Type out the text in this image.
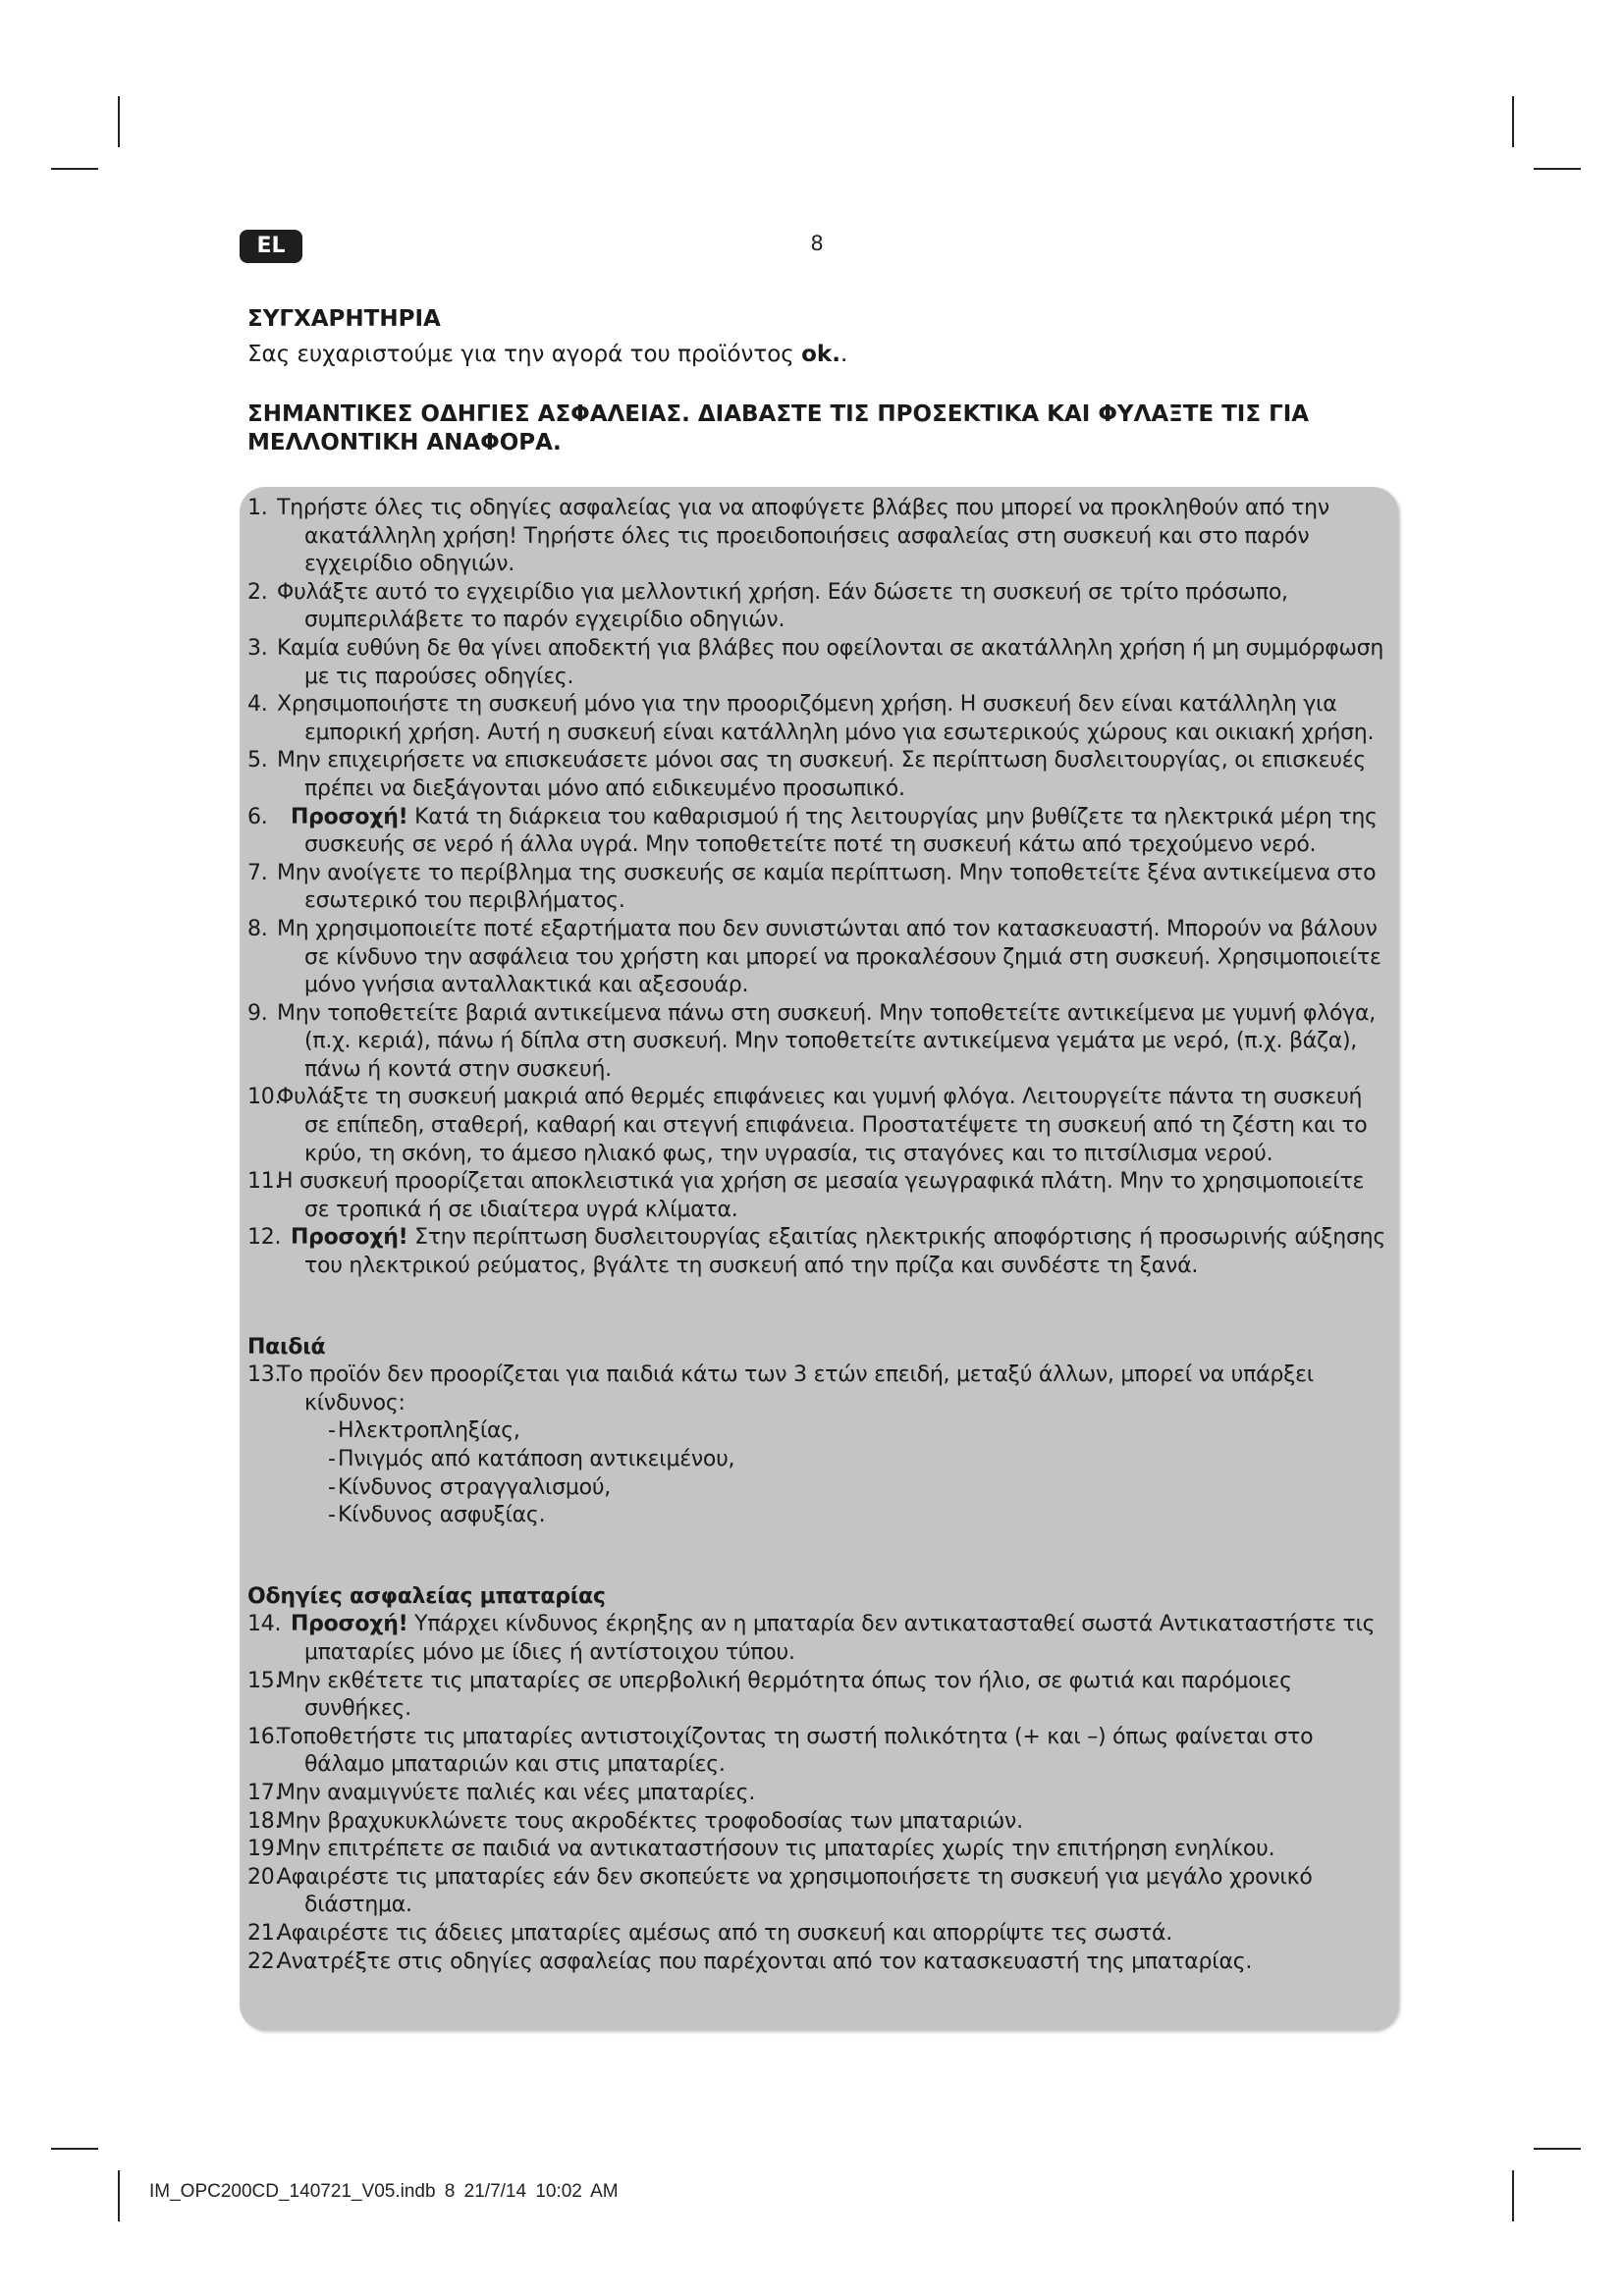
EL	8
ΣΥΓΧΑΡΗΤΗΡΙΑ
Σας ευχαριστούμε για την αγορά του προϊόντος ok..
ΣΗΜΑΝΤΙΚΕΣ ΟΔΗΓΙΕΣ ΑΣΦΑΛΕΙΑΣ. ΔΙΑΒΑΣΤΕ ΤΙΣ ΠΡΟΣΕΚΤΙΚΑ ΚΑΙ ΦΥΛΑΞΤΕ ΤΙΣ ΓΙΑ ΜΕΛΛΟΝΤΙΚΗ ΑΝΑΦΟΡΑ.

1. Τηρήστε όλες τις οδηγίες ασφαλείας για να αποφύγετε βλάβες που μπορεί να προκληθούν από την ακατάλληλη χρήση! Τηρήστε όλες τις προειδοποιήσεις ασφαλείας στη συσκευή και στο παρόν εγχειρίδιο οδηγιών.

2. Φυλάξτε αυτό το εγχειρίδιο για μελλοντική χρήση. Εάν δώσετε τη συσκευή σε τρίτο πρόσωπο, συμπεριλάβετε το παρόν εγχειρίδιο οδηγιών.

3. Καμία ευθύνη δε θα γίνει αποδεκτή για βλάβες που οφείλονται σε ακατάλληλη χρήση ή μη συμμόρφωση με τις παρούσες οδηγίες.

4. Χρησιμοποιήστε τη συσκευή μόνο για την προοριζόμενη χρήση. Η συσκευή δεν είναι κατάλληλη για εμπορική χρήση. Αυτή η συσκευή είναι κατάλληλη μόνο για εσωτερικούς χώρους και οικιακή χρήση.

5. Μην επιχειρήσετε να επισκευάσετε μόνοι σας τη συσκευή. Σε περίπτωση δυσλειτουργίας, οι επισκευές πρέπει να διεξάγονται μόνο από ειδικευμένο προσωπικό.

6. Προσοχή! Κατά τη διάρκεια του καθαρισμού ή της λειτουργίας μην βυθίζετε τα ηλεκτρικά μέρη της συσκευής σε νερό ή άλλα υγρά. Μην τοποθετείτε ποτέ τη συσκευή κάτω από τρεχούμενο νερό.

7. Μην ανοίγετε το περίβλημα της συσκευής σε καμία περίπτωση. Μην τοποθετείτε ξένα αντικείμενα στο εσωτερικό του περιβλήματος.

8. Μη χρησιμοποιείτε ποτέ εξαρτήματα που δεν συνιστώνται από τον κατασκευαστή. Μπορούν να βάλουν σε κίνδυνο την ασφάλεια του χρήστη και μπορεί να προκαλέσουν ζημιά στη συσκευή. Χρησιμοποιείτε μόνο γνήσια ανταλλακτικά και αξεσουάρ.

9. Μην τοποθετείτε βαριά αντικείμενα πάνω στη συσκευή. Μην τοποθετείτε αντικείμενα με γυμνή φλόγα, (π.χ. κεριά), πάνω ή δίπλα στη συσκευή. Μην τοποθετείτε αντικείμενα γεμάτα με νερό, (π.χ. βάζα), πάνω ή κοντά στην συσκευή.

10.Φυλάξτε τη συσκευή μακριά από θερμές επιφάνειες και γυμνή φλόγα. Λειτουργείτε πάντα τη συσκευή σε επίπεδη, σταθερή, καθαρή και στεγνή επιφάνεια. Προστατέψετε τη συσκευή από τη ζέστη και το κρύο, τη σκόνη, το άμεσο ηλιακό φως, την υγρασία, τις σταγόνες και το πιτσίλισμα νερού.

11.Η συσκευή προορίζεται αποκλειστικά για χρήση σε μεσαία γεωγραφικά πλάτη. Μην το χρησιμοποιείτε σε τροπικά ή σε ιδιαίτερα υγρά κλίματα.

12. Προσοχή! Στην περίπτωση δυσλειτουργίας εξαιτίας ηλεκτρικής αποφόρτισης ή προσωρινής αύξησης του ηλεκτρικού ρεύματος, βγάλτε τη συσκευή από την πρίζα και συνδέστε τη ξανά.

Παιδιά

13.Το προϊόν δεν προορίζεται για παιδιά κάτω των 3 ετών επειδή, μεταξύ άλλων, μπορεί να υπάρξει κίνδυνος:

- Ηλεκτροπληξίας,

- Πνιγμός από κατάποση αντικειμένου,

- Κίνδυνος στραγγαλισμού,

- Κίνδυνος ασφυξίας.

Οδηγίες ασφαλείας μπαταρίας

14. Προσοχή! Υπάρχει κίνδυνος έκρηξης αν η μπαταρία δεν αντικατασταθεί σωστά Αντικαταστήστε τις μπαταρίες μόνο με ίδιες ή αντίστοιχου τύπου.

15.Μην εκθέτετε τις μπαταρίες σε υπερβολική θερμότητα όπως τον ήλιο, σε φωτιά και παρόμοιες συνθήκες.

16.Τοποθετήστε τις μπαταρίες αντιστοιχίζοντας τη σωστή πολικότητα (+ και –) όπως φαίνεται στο θάλαμο μπαταριών και στις μπαταρίες.

17.Μην αναμιγνύετε παλιές και νέες μπαταρίες.

18.Μην βραχυκυκλώνετε τους ακροδέκτες τροφοδοσίας των μπαταριών.

19.Μην επιτρέπετε σε παιδιά να αντικαταστήσουν τις μπαταρίες χωρίς την επιτήρηση ενηλίκου.

20.Αφαιρέστε τις μπαταρίες εάν δεν σκοπεύετε να χρησιμοποιήσετε τη συσκευή για μεγάλο χρονικό διάστημα.

21.Αφαιρέστε τις άδειες μπαταρίες αμέσως από τη συσκευή και απορρίψτε τες σωστά.

22.Ανατρέξτε στις οδηγίες ασφαλείας που παρέχονται από τον κατασκευαστή της μπαταρίας.

IM_OPC200CD_140721_V05.indb 8 21/7/14 10:02 AM
